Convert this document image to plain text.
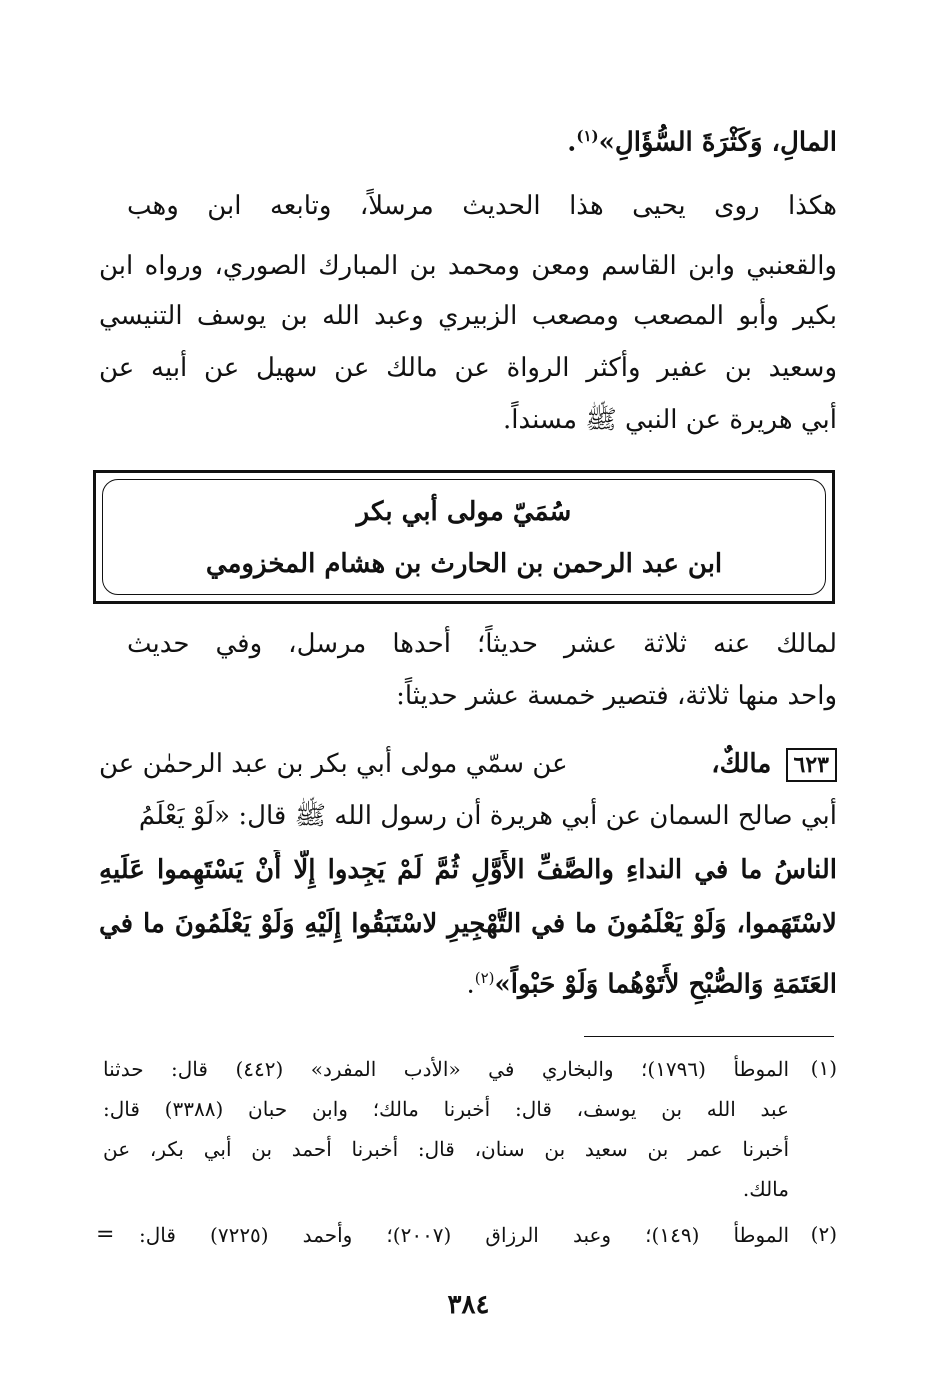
المالِ، وَكَثْرَةَ السُّؤَالِ»$^{(١)}$.
هكذا روى يحيى هذا الحديث مرسلاً، وتابعه ابن وهب
والقعنبي وابن القاسم ومعن ومحمد بن المبارك الصوري، ورواه ابن
بكير وأبو المصعب ومصعب الزبيري وعبد الله بن يوسف التنيسي
وسعيد بن عفير وأكثر الرواة عن مالك عن سهيل عن أبيه عن
أبي هريرة عن النبي ﷺ مسنداً.
سُمَيّ مولى أبي بكر
ابن عبد الرحمن بن الحارث بن هشام المخزومي
لمالك عنه ثلاثة عشر حديثاً؛ أحدها مرسل، وفي حديث
واحد منها ثلاثة، فتصير خمسة عشر حديثاً:
٦٢٣ مالكٌ،
عن سمّي مولى أبي بكر بن عبد الرحمٰن عن
أبي صالح السمان عن أبي هريرة أن رسول الله ﷺ قال: «لَوْ يَعْلَمُ
الناسُ ما في النداءِ والصَّفِّ الأَوَّلِ ثُمَّ لَمْ يَجِدوا إِلَّا أَنْ يَسْتَهِموا عَلَيهِ
لاسْتَهَموا، وَلَوْ يَعْلَمُونَ ما في التَّهْجِيرِ لاسْتَبَقُوا إِلَيْهِ وَلَوْ يَعْلَمُونَ ما في
العَتَمَةِ وَالصُّبْحِ لأَتَوْهُما وَلَوْ حَبْواً»$^{(٢)}$.
(١)
الموطأ (١٧٩٦)؛ والبخاري في «الأدب المفرد» (٤٤٢) قال: حدثنا
عبد الله بن يوسف، قال: أخبرنا مالك؛ وابن حبان (٣٣٨٨) قال:
أخبرنا عمر بن سعيد بن سنان، قال: أخبرنا أحمد بن أبي بكر، عن
مالك.
(٢)
الموطأ (١٤٩)؛ وعبد الرزاق (٢٠٠٧)؛ وأحمد (٧٢٢٥) قال:
=
٣٨٤
